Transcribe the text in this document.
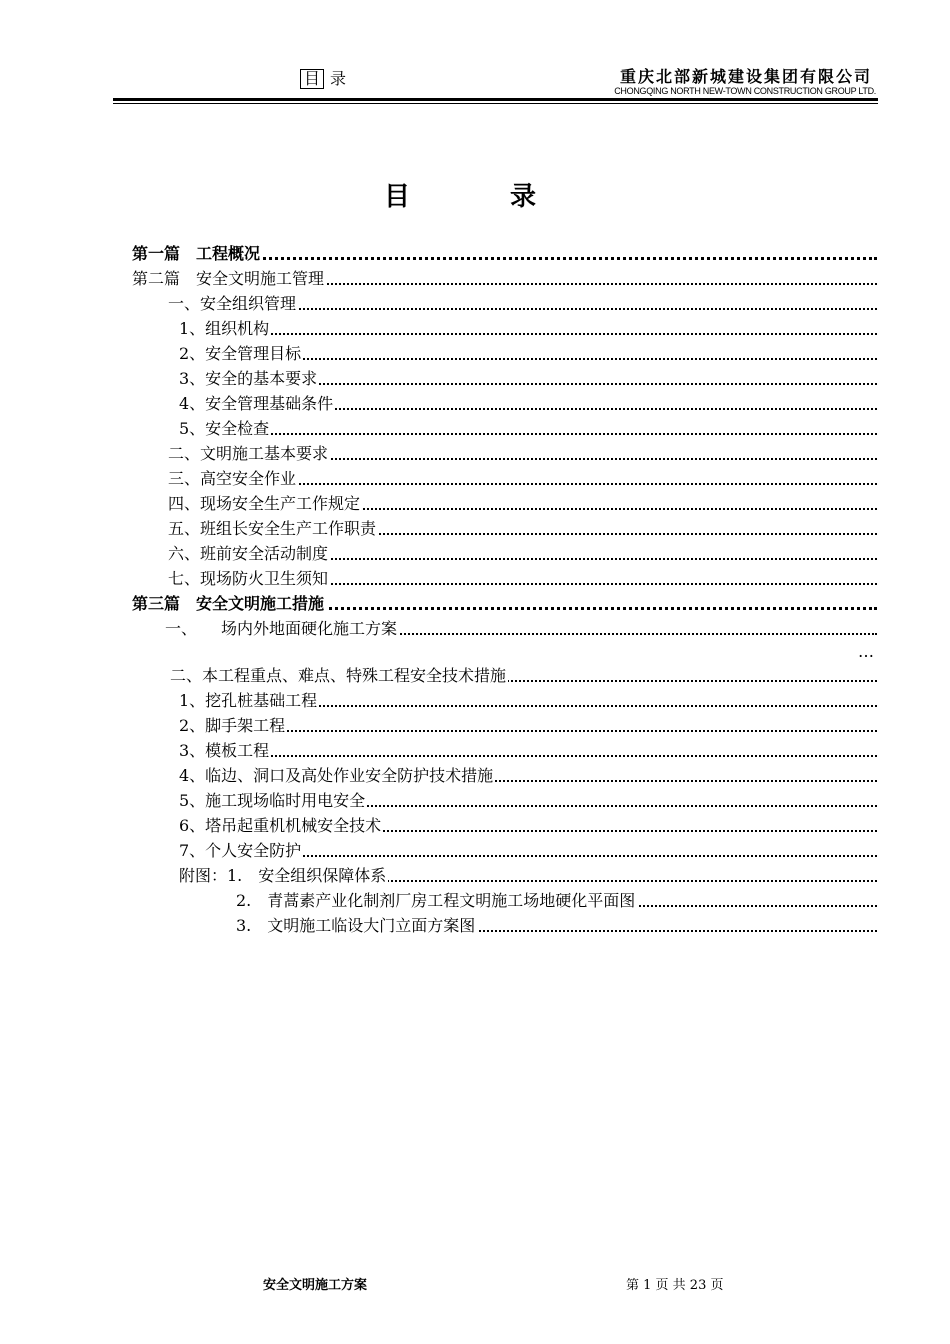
目 录	重庆北部新城建设集团有限公司
CHONGQING NORTH NEW-TOWN CONSTRUCTION GROUP LTD.
目录
第一篇　工程概况
第二篇　安全文明施工管理
一、安全组织管理
1、组织机构
2、安全管理目标
3、安全的基本要求
4、安全管理基础条件
5、安全检查
二、文明施工基本要求
三、高空安全作业
四、现场安全生产工作规定
五、班组长安全生产工作职责
六、班前安全活动制度
七、现场防火卫生须知
第三篇　安全文明施工措施
一、　　场内外地面硬化施工方案
…
二、本工程重点、难点、特殊工程安全技术措施
1、挖孔桩基础工程
2、脚手架工程
3、模板工程
4、临边、洞口及高处作业安全防护技术措施
5、施工现场临时用电安全
6、塔吊起重机机械安全技术
7、个人安全防护
附图：1.　安全组织保障体系
2.　青蒿素产业化制剂厂房工程文明施工场地硬化平面图
3.　文明施工临设大门立面方案图
安全文明施工方案	第 1 页 共 23 页
